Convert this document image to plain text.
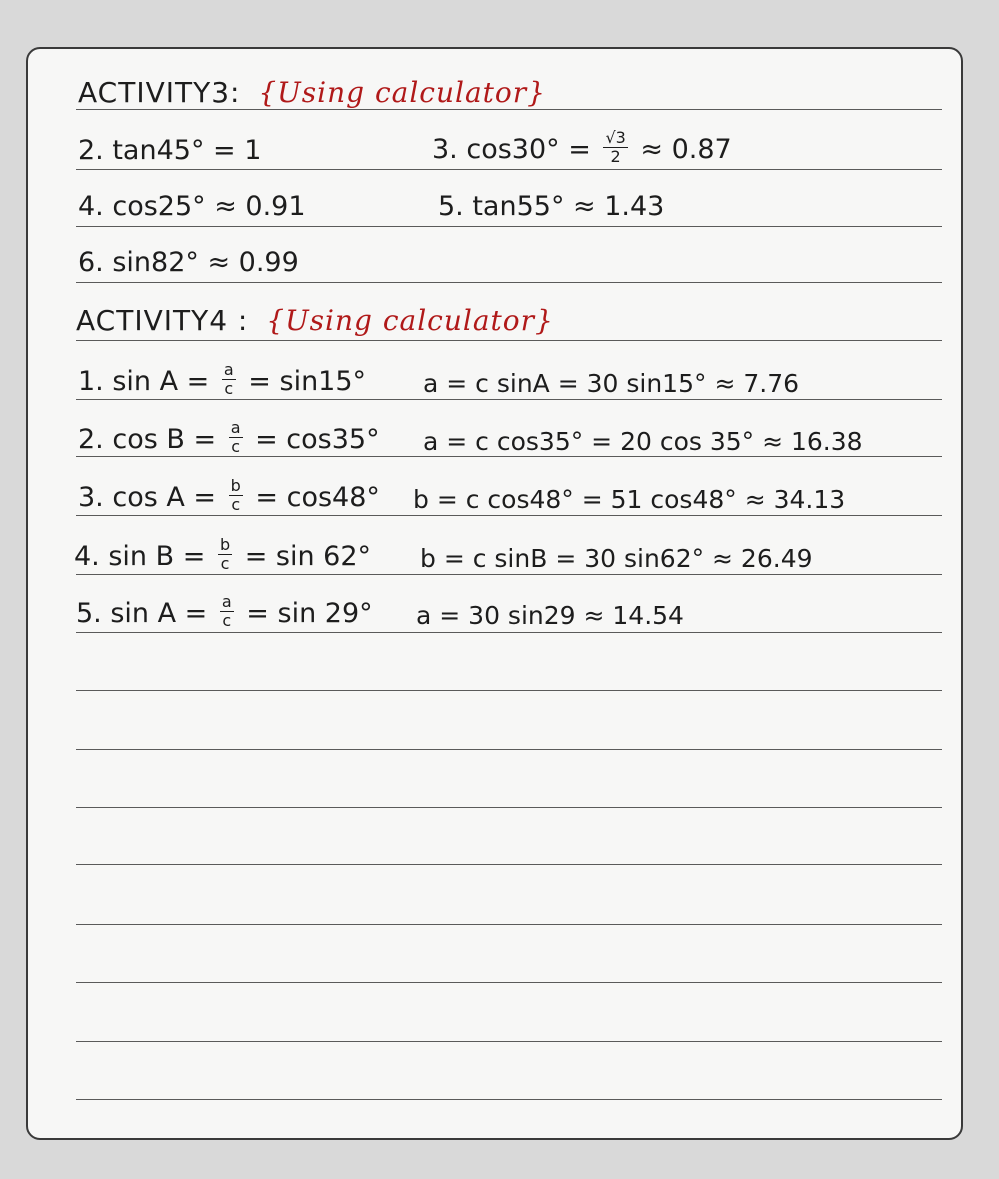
ACTIVITY3: {Using calculator}
2. tan45° = 1	3. $\cos 30^\circ = \frac{√3}{2} \approx 0.87$
4. cos25° ≈ 0.91	5. tan55° ≈ 1.43
6. sin82° ≈ 0.99
ACTIVITY4 : {Using calculator}
1. $\sin A = \frac{a}{c} = \sin 15^\circ$ a = c sinA = 30 sin15° ≈ 7.76
2. $\cos B = \frac{a}{c} = \cos 35^\circ$ a = c cos35° = 20 cos 35° ≈ 16.38
3. $\cos A = \frac{b}{c} = \cos 48^\circ$ b = c cos48° = 51 cos48° ≈ 34.13
4. $\sin B = \frac{b}{c} = \sin 62^\circ$ b = c sinB = 30 sin62° ≈ 26.49
5. $\sin A = \frac{a}{c} = \sin 29^\circ$ a = 30 sin29 ≈ 14.54
